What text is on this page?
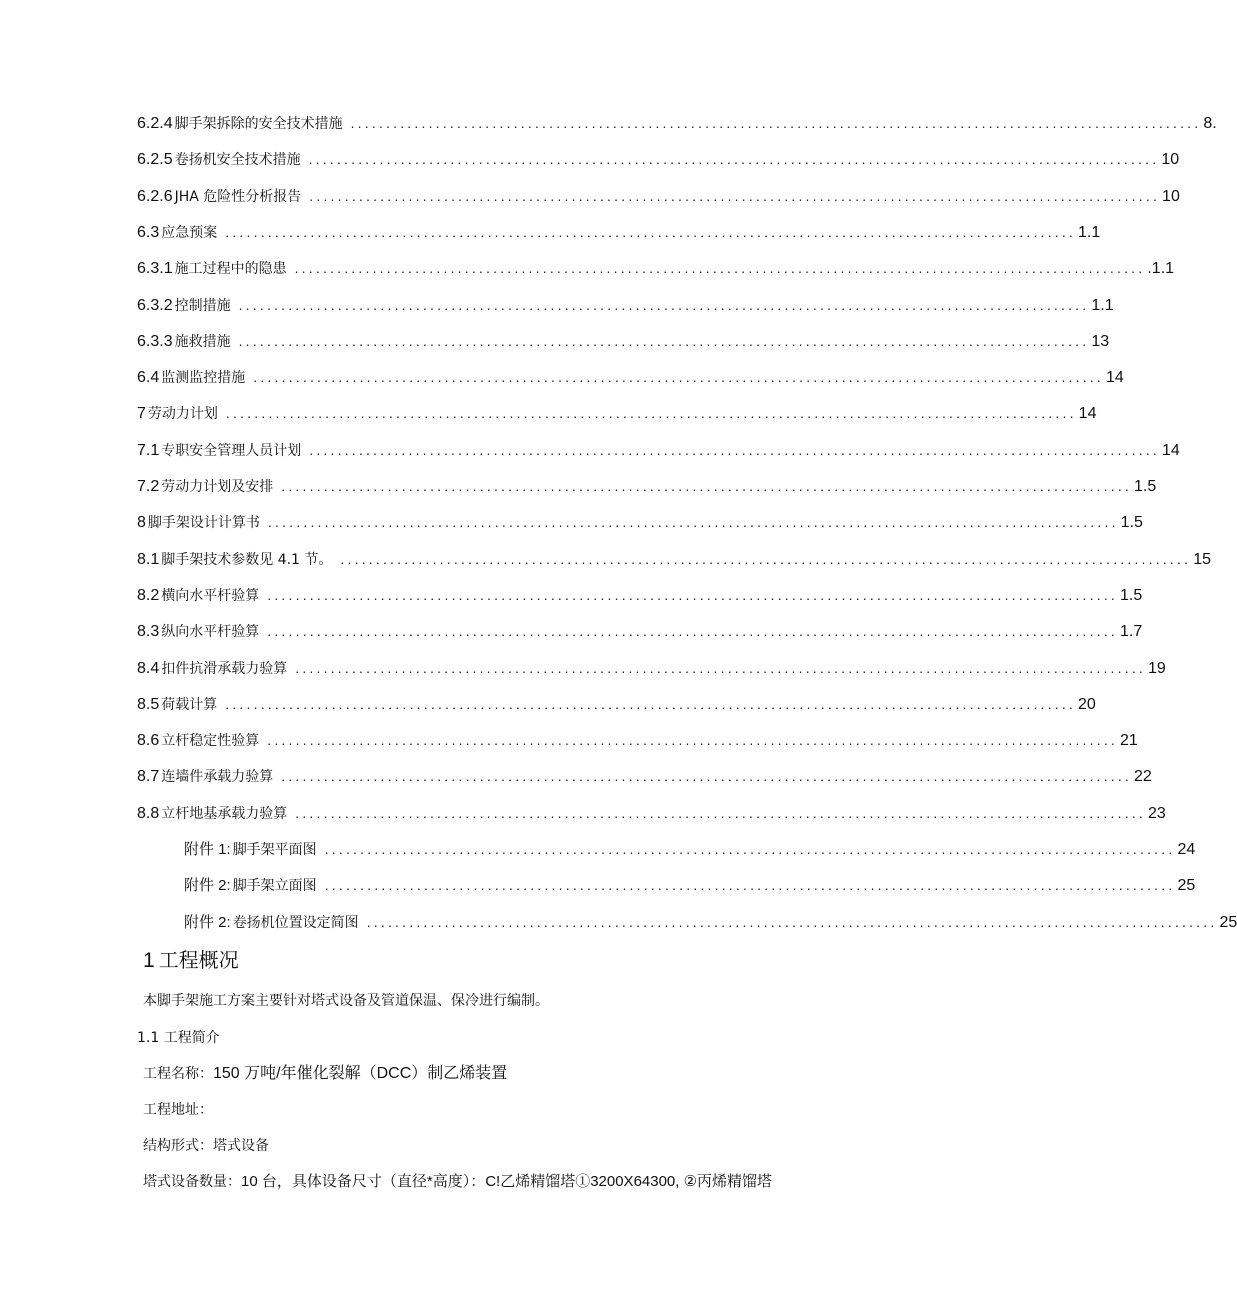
6.2.4 脚手架拆除的安全技术措施 ........................................................................................................................ 8.
6.2.5 卷扬机安全技术措施 ........................................................................................................................ 10
6.2.6 JHA 危险性分析报告 ........................................................................................................................ 10
6.3 应急预案 ........................................................................................................................ 1.1
6.3.1 施工过程中的隐患 ........................................................................................................................ .1.1
6.3.2 控制措施 ........................................................................................................................ 1.1
6.3.3 施救措施 ........................................................................................................................ 13
6.4 监测监控措施 ........................................................................................................................ 14
7 劳动力计划 ........................................................................................................................ 14
7.1 专职安全管理人员计划 ........................................................................................................................ 14
7.2 劳动力计划及安排 ........................................................................................................................ 1.5
8 脚手架设计计算书 ........................................................................................................................ 1.5
8.1 脚手架技术参数见 4.1 节。 ........................................................................................................................ 15
8.2 横向水平杆验算 ........................................................................................................................ 1.5
8.3 纵向水平杆验算 ........................................................................................................................ 1.7
8.4 扣件抗滑承载力验算 ........................................................................................................................ 19
8.5 荷载计算 ........................................................................................................................ 20
8.6 立杆稳定性验算 ........................................................................................................................ 21
8.7 连墙件承载力验算 ........................................................................................................................ 22
8.8 立杆地基承载力验算 ........................................................................................................................ 23
附件 1: 脚手架平面图 ........................................................................................................................ 24
附件 2: 脚手架立面图 ........................................................................................................................ 25
附件 2: 卷扬机位置设定简图 ........................................................................................................................ 25
1 工程概况
本脚手架施工方案主要针对塔式设备及管道保温、保冷进行编制。
1.1 工程简介
工程名称：150 万吨/年催化裂解（DCC）制乙烯装置
工程地址：
结构形式：塔式设备
塔式设备数量：10 台，具体设备尺寸（直径*高度）：C!乙烯精馏塔①3200X64300, ②丙烯精馏塔
